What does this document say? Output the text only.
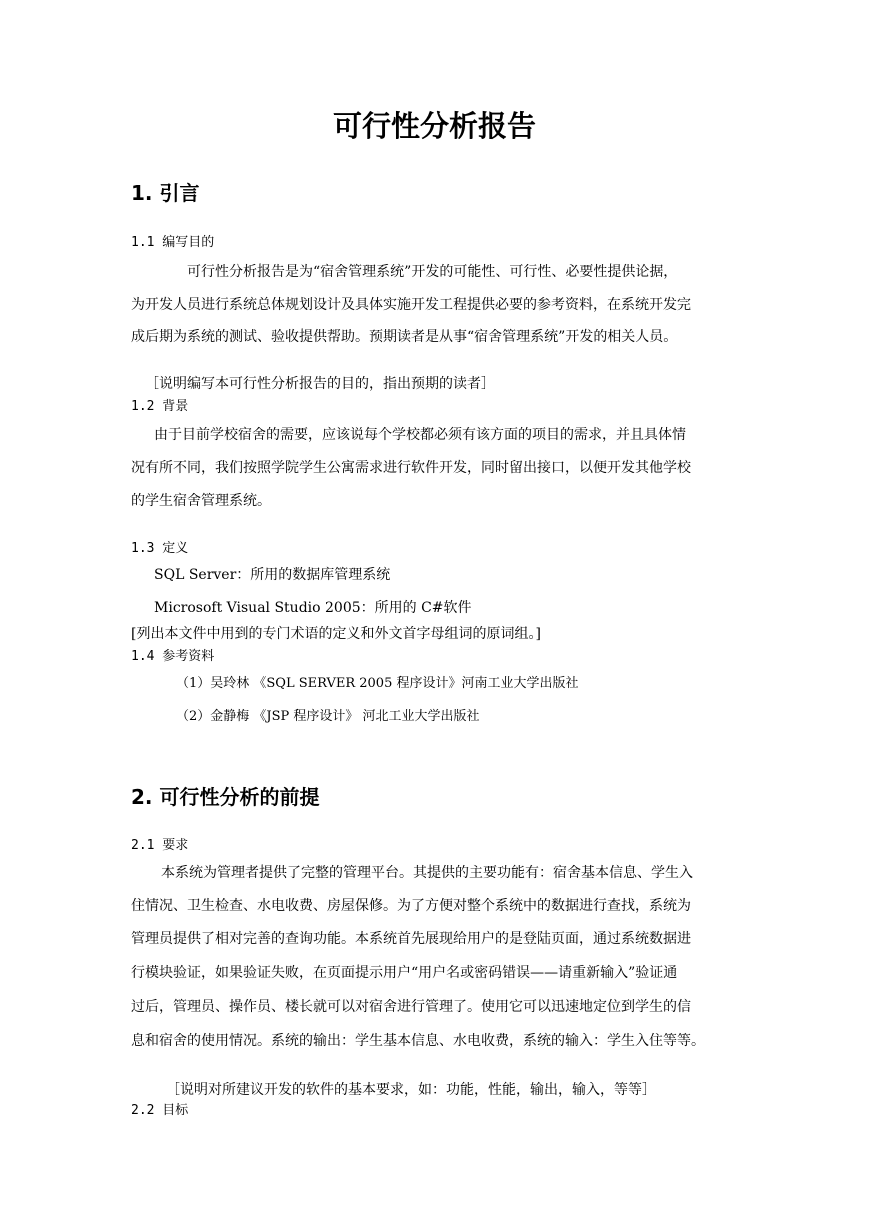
可行性分析报告
1. 引言
1.1 编写目的
可行性分析报告是为“宿舍管理系统”开发的可能性、可行性、必要性提供论据，
为开发人员进行系统总体规划设计及具体实施开发工程提供必要的参考资料，在系统开发完
成后期为系统的测试、验收提供帮助。预期读者是从事“宿舍管理系统”开发的相关人员。
［说明编写本可行性分析报告的目的，指出预期的读者］
1.2 背景
由于目前学校宿舍的需要，应该说每个学校都必须有该方面的项目的需求，并且具体情
况有所不同，我们按照学院学生公寓需求进行软件开发，同时留出接口，以便开发其他学校
的学生宿舍管理系统。
1.3 定义
SQL Server：所用的数据库管理系统
Microsoft Visual Studio 2005：所用的 C#软件
[列出本文件中用到的专门术语的定义和外文首字母组词的原词组。]
1.4 参考资料
（1）吴玲林 《SQL SERVER 2005 程序设计》河南工业大学出版社
（2）金静梅 《JSP 程序设计》 河北工业大学出版社
2. 可行性分析的前提
2.1 要求
本系统为管理者提供了完整的管理平台。其提供的主要功能有：宿舍基本信息、学生入
住情况、卫生检查、水电收费、房屋保修。为了方便对整个系统中的数据进行查找，系统为
管理员提供了相对完善的查询功能。本系统首先展现给用户的是登陆页面，通过系统数据进
行模块验证，如果验证失败，在页面提示用户“用户名或密码错误——请重新输入”验证通
过后，管理员、操作员、楼长就可以对宿舍进行管理了。使用它可以迅速地定位到学生的信
息和宿舍的使用情况。系统的输出：学生基本信息、水电收费，系统的输入：学生入住等等。
［说明对所建议开发的软件的基本要求，如：功能，性能，输出，输入，等等］
2.2 目标
